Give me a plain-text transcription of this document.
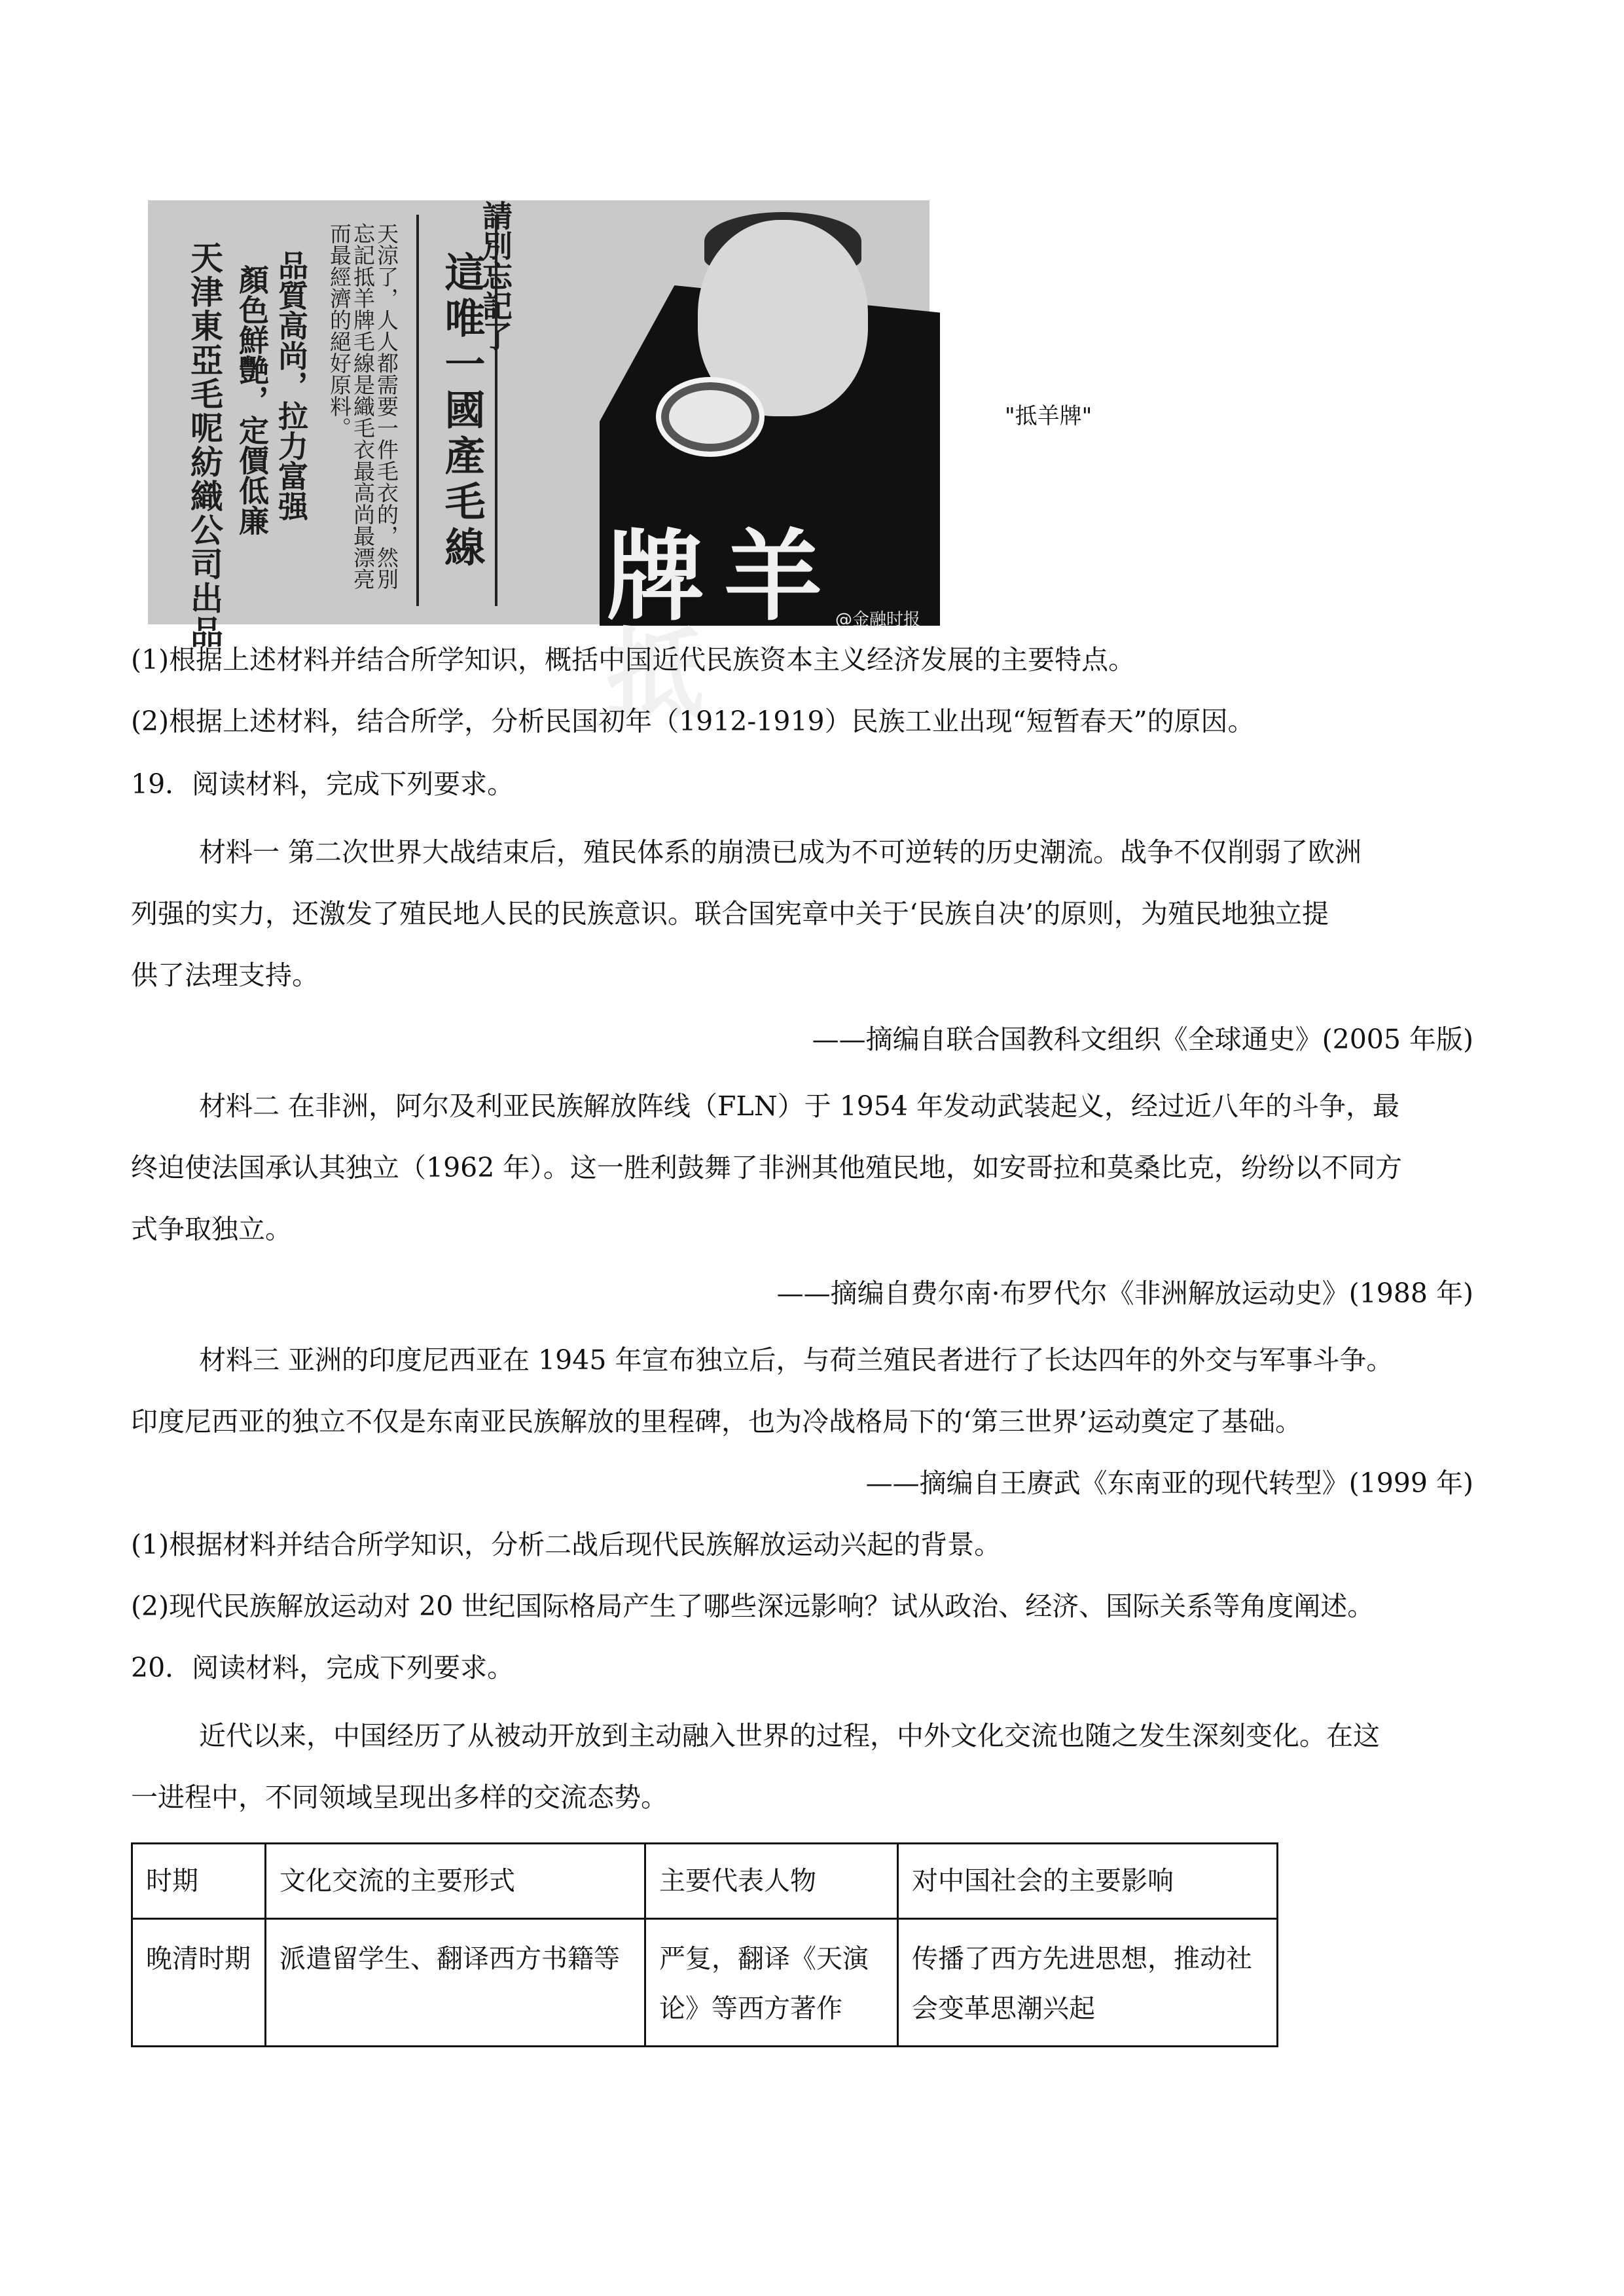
天津東亞毛呢紡織公司出品 顏色鮮艷，定價低廉 品質高尚，拉力富强 而最經濟的絕好原料。
忘記抵羊牌毛線是織毛衣最高尚最漂亮
天涼了，人人都需要一件毛衣的，然別 這唯一國產毛線
請別忘記了
牌羊抵	@金融时报
"抵羊牌"
(1)根据上述材料并结合所学知识，概括中国近代民族资本主义经济发展的主要特点。
(2)根据上述材料，结合所学，分析民国初年（1912-1919）民族工业出现“短暂春天”的原因。
19．阅读材料，完成下列要求。
材料一 第二次世界大战结束后，殖民体系的崩溃已成为不可逆转的历史潮流。战争不仅削弱了欧洲
列强的实力，还激发了殖民地人民的民族意识。联合国宪章中关于‘民族自决’的原则，为殖民地独立提
供了法理支持。
——摘编自联合国教科文组织《全球通史》(2005 年版)
材料二 在非洲，阿尔及利亚民族解放阵线（FLN）于 1954 年发动武装起义，经过近八年的斗争，最
终迫使法国承认其独立（1962 年）。这一胜利鼓舞了非洲其他殖民地，如安哥拉和莫桑比克，纷纷以不同方
式争取独立。
——摘编自费尔南·布罗代尔《非洲解放运动史》(1988 年)
材料三 亚洲的印度尼西亚在 1945 年宣布独立后，与荷兰殖民者进行了长达四年的外交与军事斗争。
印度尼西亚的独立不仅是东南亚民族解放的里程碑，也为冷战格局下的‘第三世界’运动奠定了基础。
——摘编自王赓武《东南亚的现代转型》(1999 年)
(1)根据材料并结合所学知识，分析二战后现代民族解放运动兴起的背景。
(2)现代民族解放运动对 20 世纪国际格局产生了哪些深远影响？试从政治、经济、国际关系等角度阐述。
20．阅读材料，完成下列要求。
近代以来，中国经历了从被动开放到主动融入世界的过程，中外文化交流也随之发生深刻变化。在这
一进程中，不同领域呈现出多样的交流态势。
时期	文化交流的主要形式	主要代表人物	对中国社会的主要影响
晚清时期	派遣留学生、翻译西方书籍等	严复，翻译《天演论》等西方著作	传播了西方先进思想，推动社会变革思潮兴起
